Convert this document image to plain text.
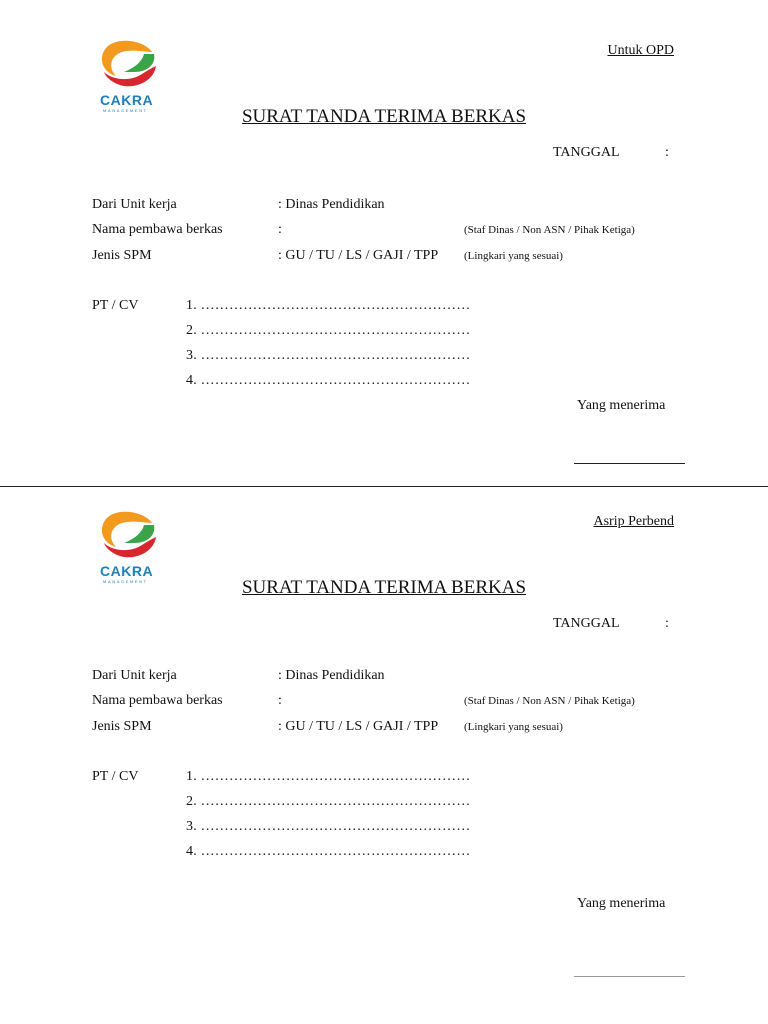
CAKRA
MANAGEMENT
Untuk OPD
SURAT TANDA TERIMA BERKAS
TANGGAL	:
Dari Unit kerja	: Dinas Pendidikan
Nama pembawa berkas	:	(Staf Dinas / Non ASN / Pihak Ketiga)
Jenis SPM	: GU / TU / LS / GAJI / TPP (Lingkari yang sesuai)
PT / CV	1. …………………………………………………
2. …………………………………………………
3. …………………………………………………
4. …………………………………………………
Yang menerima
CAKRA
MANAGEMENT
Asrip Perbend
SURAT TANDA TERIMA BERKAS
TANGGAL	:
Dari Unit kerja	: Dinas Pendidikan
Nama pembawa berkas	:	(Staf Dinas / Non ASN / Pihak Ketiga)
Jenis SPM	: GU / TU / LS / GAJI / TPP (Lingkari yang sesuai)
PT / CV	1. …………………………………………………
2. …………………………………………………
3. …………………………………………………
4. …………………………………………………
Yang menerima
